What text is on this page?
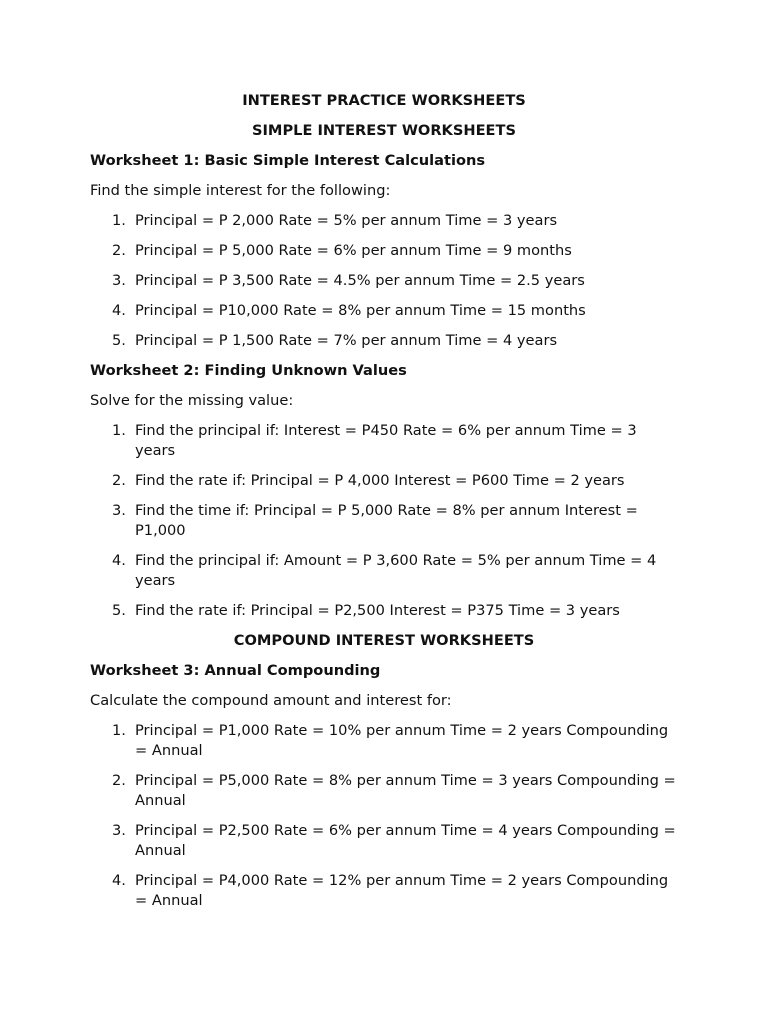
INTEREST PRACTICE WORKSHEETS
SIMPLE INTEREST WORKSHEETS
Worksheet 1: Basic Simple Interest Calculations
Find the simple interest for the following:
1. Principal = P 2,000 Rate = 5% per annum Time = 3 years
2. Principal = P 5,000 Rate = 6% per annum Time = 9 months
3. Principal = P 3,500 Rate = 4.5% per annum Time = 2.5 years
4. Principal = P10,000 Rate = 8% per annum Time = 15 months
5. Principal = P 1,500 Rate = 7% per annum Time = 4 years
Worksheet 2: Finding Unknown Values
Solve for the missing value:
1. Find the principal if: Interest = P450 Rate = 6% per annum Time = 3 years
2. Find the rate if: Principal = P 4,000 Interest = P600 Time = 2 years
3. Find the time if: Principal = P 5,000 Rate = 8% per annum Interest = P1,000
4. Find the principal if: Amount = P 3,600 Rate = 5% per annum Time = 4 years
5. Find the rate if: Principal = P2,500 Interest = P375 Time = 3 years
COMPOUND INTEREST WORKSHEETS
Worksheet 3: Annual Compounding
Calculate the compound amount and interest for:
1. Principal = P1,000 Rate = 10% per annum Time = 2 years Compounding = Annual
2. Principal = P5,000 Rate = 8% per annum Time = 3 years Compounding = Annual
3. Principal = P2,500 Rate = 6% per annum Time = 4 years Compounding = Annual
4. Principal = P4,000 Rate = 12% per annum Time = 2 years Compounding = Annual
